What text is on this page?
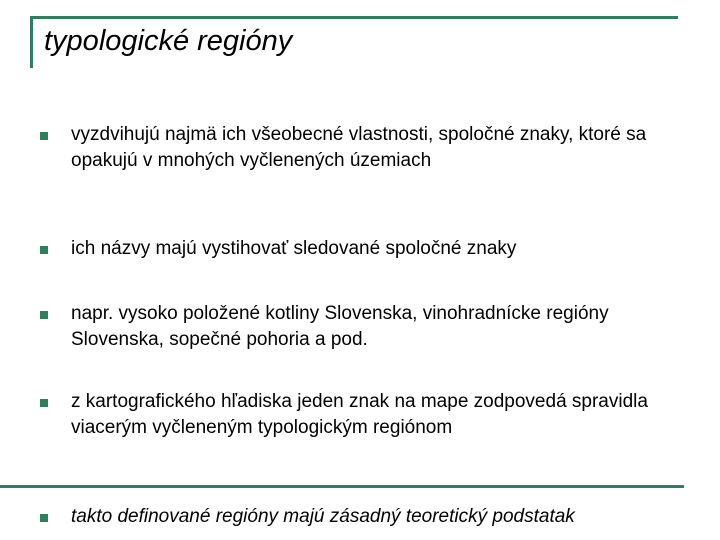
typologické regióny

vyzdvihujú najmä ich všeobecné vlastnosti, spoločné znaky, ktoré sa opakujú v mnohých vyčlenených územiach

ich názvy majú vystihovať sledované spoločné znaky

napr. vysoko položené kotliny Slovenska, vinohradnícke regióny Slovenska, sopečné pohoria a pod.

z kartografického hľadiska jeden znak na mape zodpovedá spravidla viacerým vyčleneným typologickým regiónom

takto definované regióny majú zásadný teoretický podstatak
